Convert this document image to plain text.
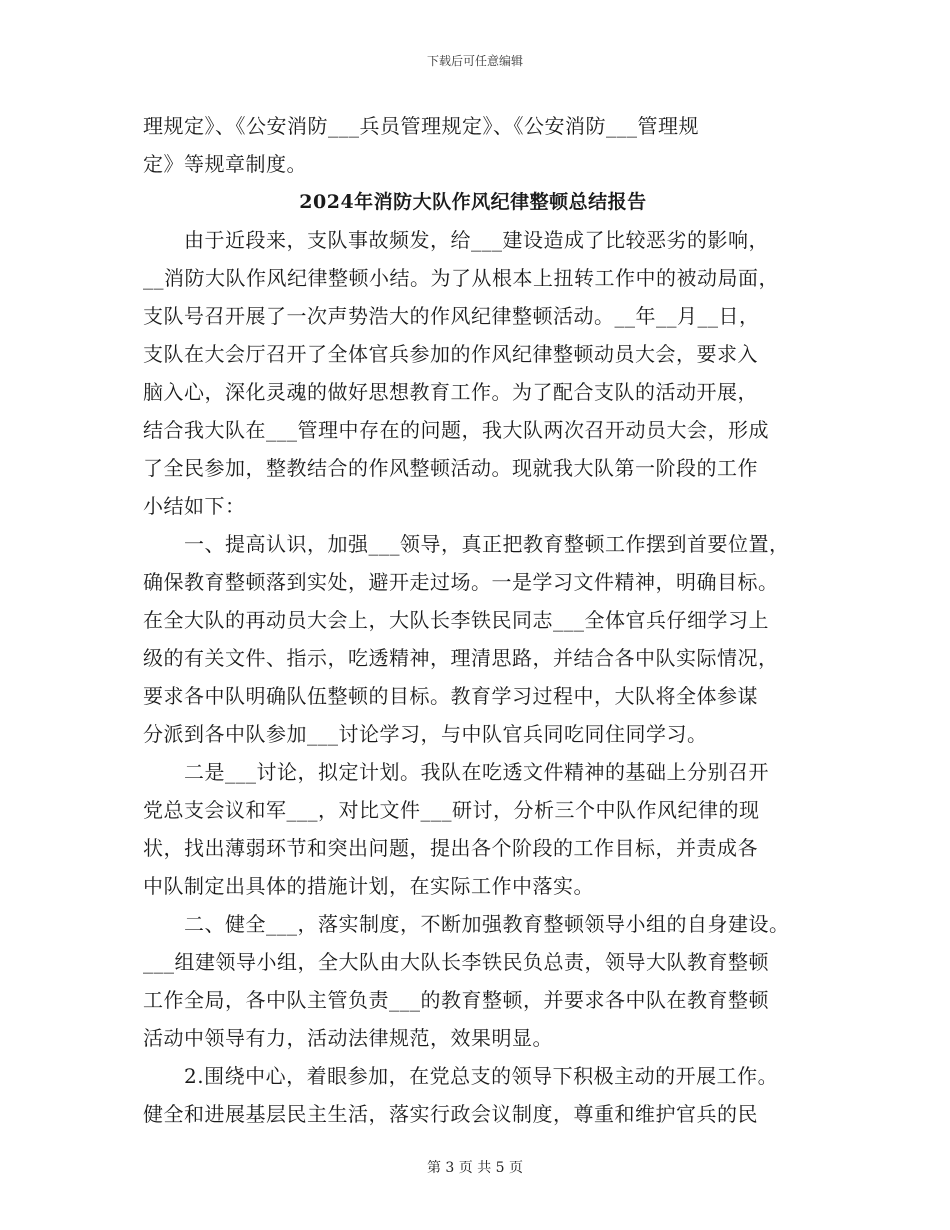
下载后可任意编辑
理规定》、《公安消防___兵员管理规定》、《公安消防___管理规
定》等规章制度。
2024年消防大队作风纪律整顿总结报告
　　由于近段来，支队事故频发，给___建设造成了比较恶劣的影响，
__消防大队作风纪律整顿小结。为了从根本上扭转工作中的被动局面，
支队号召开展了一次声势浩大的作风纪律整顿活动。__年__月__日，
支队在大会厅召开了全体官兵参加的作风纪律整顿动员大会，要求入
脑入心，深化灵魂的做好思想教育工作。为了配合支队的活动开展，
结合我大队在___管理中存在的问题，我大队两次召开动员大会，形成
了全民参加，整教结合的作风整顿活动。现就我大队第一阶段的工作
小结如下：
　　一、提高认识，加强___领导，真正把教育整顿工作摆到首要位置，
确保教育整顿落到实处，避开走过场。一是学习文件精神，明确目标。
在全大队的再动员大会上，大队长李铁民同志___全体官兵仔细学习上
级的有关文件、指示，吃透精神，理清思路，并结合各中队实际情况，
要求各中队明确队伍整顿的目标。教育学习过程中，大队将全体参谋
分派到各中队参加___讨论学习，与中队官兵同吃同住同学习。
　　二是___讨论，拟定计划。我队在吃透文件精神的基础上分别召开
党总支会议和军___，对比文件___研讨，分析三个中队作风纪律的现
状，找出薄弱环节和突出问题，提出各个阶段的工作目标，并责成各
中队制定出具体的措施计划，在实际工作中落实。
　　二、健全___，落实制度，不断加强教育整顿领导小组的自身建设。
___组建领导小组，全大队由大队长李铁民负总责，领导大队教育整顿
工作全局，各中队主管负责___的教育整顿，并要求各中队在教育整顿
活动中领导有力，活动法律规范，效果明显。
　　2.围绕中心，着眼参加，在党总支的领导下积极主动的开展工作。
健全和进展基层民主生活，落实行政会议制度，尊重和维护官兵的民
第 3 页 共 5 页
